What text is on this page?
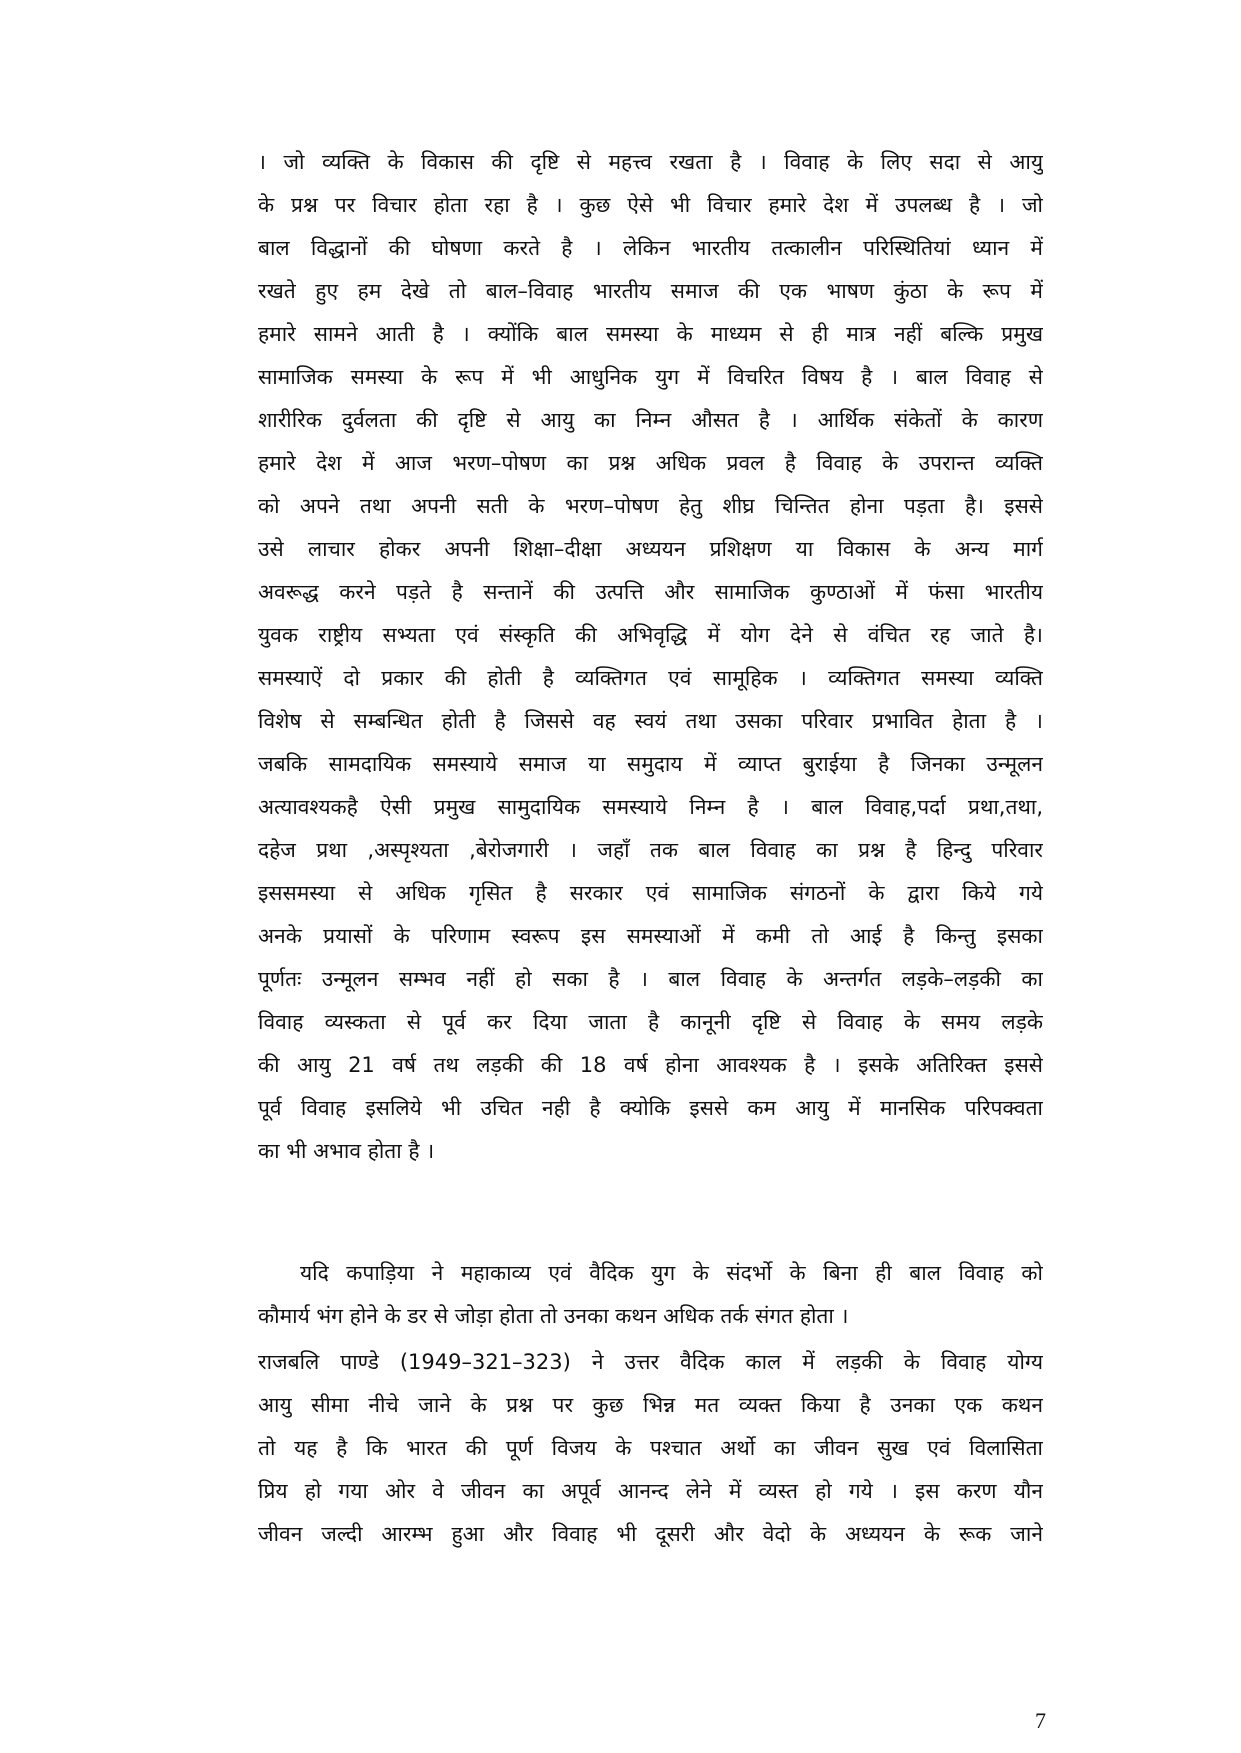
। जो व्यक्ति के विकास की दृष्टि से महत्त्व रखता है । विवाह के लिए सदा से आयु
के प्रश्न पर विचार होता रहा है । कुछ ऐसे भी विचार हमारे देश में उपलब्ध है । जो
बाल विद्धानों की घोषणा करते है । लेकिन भारतीय तत्कालीन परिस्थितियां ध्यान में
रखते हुए हम देखे तो बाल–विवाह भारतीय समाज की एक भाषण कुंठा के रूप में
हमारे सामने आती है । क्योंकि बाल समस्या के माध्यम से ही मात्र नहीं बल्कि प्रमुख
सामाजिक समस्या के रूप में भी आधुनिक युग में विचरित विषय है । बाल विवाह से
शारीरिक दुर्वलता की दृष्टि से आयु का निम्न औसत है । आर्थिक संकेतों के कारण
हमारे देश में आज भरण–पोषण का प्रश्न अधिक प्रवल है विवाह के उपरान्त व्यक्ति
को अपने तथा अपनी सती के भरण–पोषण हेतु शीघ्र चिन्तित होना पड़ता है। इससे
उसे लाचार होकर अपनी शिक्षा–दीक्षा अध्ययन प्रशिक्षण या विकास के अन्य मार्ग
अवरूद्ध करने पड़ते है सन्तानें की उत्पत्ति और सामाजिक कुण्ठाओं में फंसा भारतीय
युवक राष्ट्रीय सभ्यता एवं संस्कृति की अभिवृद्धि में योग देने से वंचित रह जाते है।
समस्याऐं दो प्रकार की होती है व्यक्तिगत एवं सामूहिक । व्यक्तिगत समस्या व्यक्ति
विशेष से सम्बन्धित होती है जिससे वह स्वयं तथा उसका परिवार प्रभावित हेाता है ।
जबकि सामदायिक समस्याये समाज या समुदाय में व्याप्त बुराईया है जिनका उन्मूलन
अत्यावश्यकहै ऐसी प्रमुख सामुदायिक समस्याये निम्न है । बाल विवाह,पर्दा प्रथा,तथा,
दहेज प्रथा ,अस्पृश्यता ,बेरोजगारी । जहाँ तक बाल विवाह का प्रश्न है हिन्दु परिवार
इससमस्या से अधिक गृसित है सरकार एवं सामाजिक संगठनों के द्वारा किये गये
अनके प्रयासों के परिणाम स्वरूप इस समस्याओं में कमी तो आई है किन्तु इसका
पूर्णतः उन्मूलन सम्भव नहीं हो सका है । बाल विवाह के अन्तर्गत लड़के–लड़की का
विवाह व्यस्कता से पूर्व कर दिया जाता है कानूनी दृष्टि से विवाह के समय लड़के
की आयु 21 वर्ष तथ लड़की की 18 वर्ष होना आवश्यक है । इसके अतिरिक्त इससे
पूर्व विवाह इसलिये भी उचित नही है क्योकि इससे कम आयु में मानसिक परिपक्वता
का भी अभाव होता है ।
यदि कपाड़िया ने महाकाव्य एवं वैदिक युग के संदर्भो के बिना ही बाल विवाह को
कौमार्य भंग होने के डर से जोड़ा होता तो उनका कथन अधिक तर्क संगत होता ।
राजबलि पाण्डे (1949–321–323) ने उत्तर वैदिक काल में लड़की के विवाह योग्य
आयु सीमा नीचे जाने के प्रश्न पर कुछ भिन्न मत व्यक्त किया है उनका एक कथन
तो यह है कि भारत की पूर्ण विजय के पश्चात अर्थो का जीवन सुख एवं विलासिता
प्रिय हो गया ओर वे जीवन का अपूर्व आनन्द लेने में व्यस्त हो गये । इस करण यौन
जीवन जल्दी आरम्भ हुआ और विवाह भी दूसरी और वेदो के अध्ययन के रूक जाने
7
